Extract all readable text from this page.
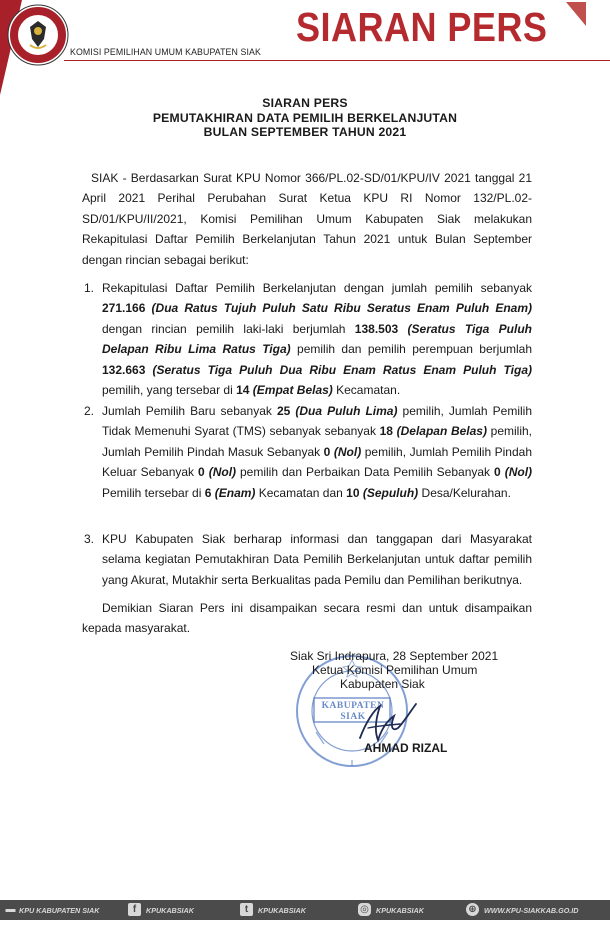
KOMISI PEMILIHAN UMUM KABUPATEN SIAK
SIARAN PERS
SIARAN PERS
PEMUTAKHIRAN DATA PEMILIH BERKELANJUTAN
BULAN SEPTEMBER TAHUN 2021
SIAK - Berdasarkan Surat KPU Nomor 366/PL.02-SD/01/KPU/IV 2021 tanggal 21 April 2021 Perihal Perubahan Surat Ketua KPU RI Nomor 132/PL.02-SD/01/KPU/II/2021, Komisi Pemilihan Umum Kabupaten Siak melakukan Rekapitulasi Daftar Pemilih Berkelanjutan Tahun 2021 untuk Bulan September dengan rincian sebagai berikut:
1. Rekapitulasi Daftar Pemilih Berkelanjutan dengan jumlah pemilih sebanyak 271.166 (Dua Ratus Tujuh Puluh Satu Ribu Seratus Enam Puluh Enam) dengan rincian pemilih laki-laki berjumlah 138.503 (Seratus Tiga Puluh Delapan Ribu Lima Ratus Tiga) pemilih dan pemilih perempuan berjumlah 132.663 (Seratus Tiga Puluh Dua Ribu Enam Ratus Enam Puluh Tiga) pemilih, yang tersebar di 14 (Empat Belas) Kecamatan.
2. Jumlah Pemilih Baru sebanyak 25 (Dua Puluh Lima) pemilih, Jumlah Pemilih Tidak Memenuhi Syarat (TMS) sebanyak sebanyak 18 (Delapan Belas) pemilih, Jumlah Pemilih Pindah Masuk Sebanyak 0 (Nol) pemilih, Jumlah Pemilih Pindah Keluar Sebanyak 0 (Nol) pemilih dan Perbaikan Data Pemilih Sebanyak 0 (Nol) Pemilih tersebar di 6 (Enam) Kecamatan dan 10 (Sepuluh) Desa/Kelurahan.
3. KPU Kabupaten Siak berharap informasi dan tanggapan dari Masyarakat selama kegiatan Pemutakhiran Data Pemilih Berkelanjutan untuk daftar pemilih yang Akurat, Mutakhir serta Berkualitas pada Pemilu dan Pemilihan berikutnya.
Demikian Siaran Pers ini disampaikan secara resmi dan untuk disampaikan kepada masyarakat.
KABUPATEN SIAK
Siak Sri Indrapura, 28 September 2021
Ketua Komisi Pemilihan Umum
Kabupaten Siak
AHMAD RIZAL
▬ KPU KABUPATEN SIAK	f	KPUKABSIAK	t	KPUKABSIAK	◎ KPUKABSIAK	⊕	WWW.KPU-SIAKKAB.GO.ID
